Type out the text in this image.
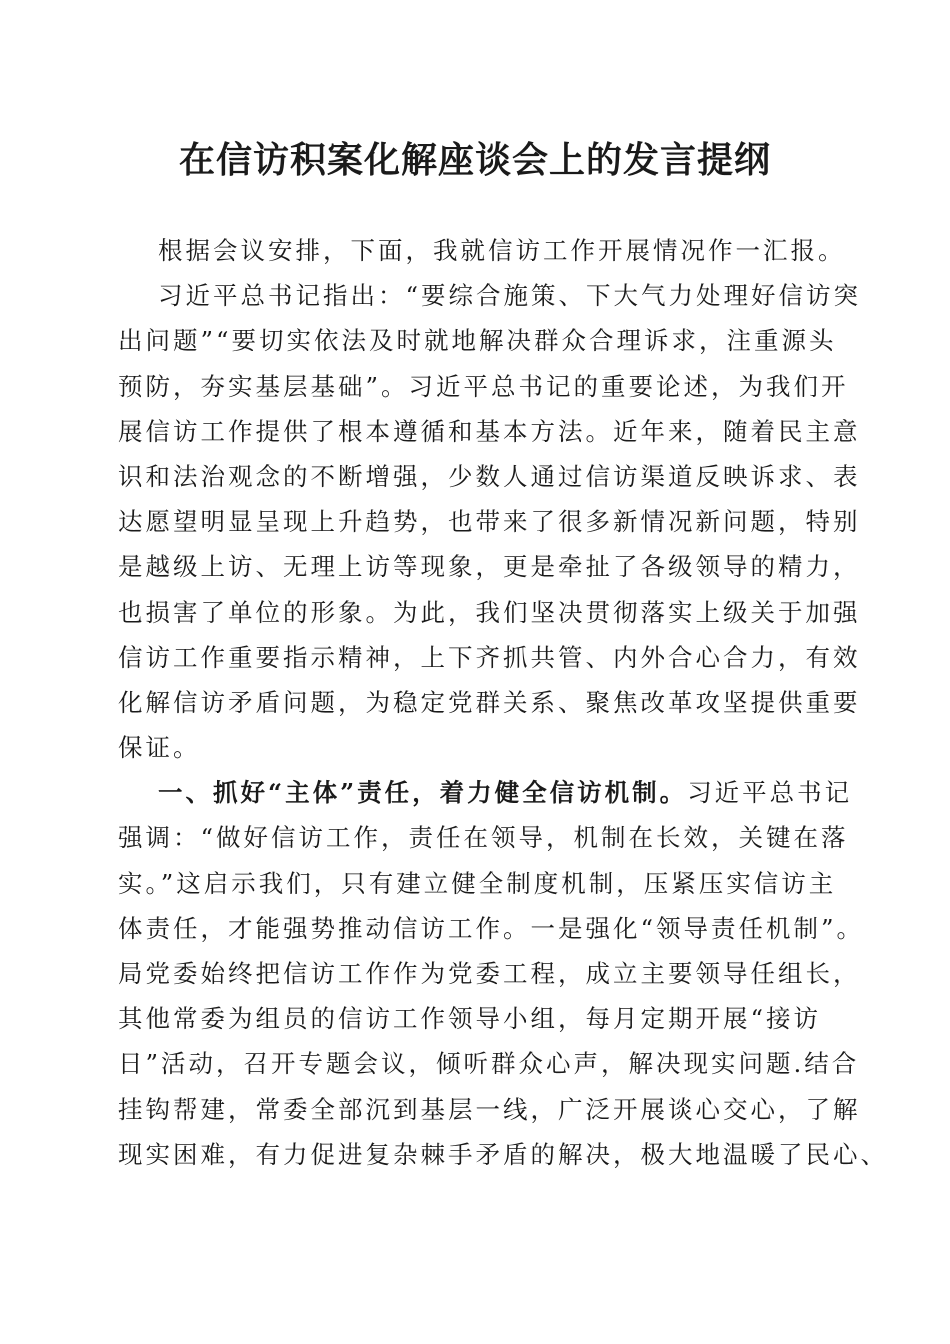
在信访积案化解座谈会上的发言提纲
根据会议安排，下面，我就信访工作开展情况作一汇报。
习近平总书记指出：“要综合施策、下大气力处理好信访突
出问题”“要切实依法及时就地解决群众合理诉求，注重源头
预防，夯实基层基础”。习近平总书记的重要论述，为我们开
展信访工作提供了根本遵循和基本方法。近年来，随着民主意
识和法治观念的不断增强，少数人通过信访渠道反映诉求、表
达愿望明显呈现上升趋势，也带来了很多新情况新问题，特别
是越级上访、无理上访等现象，更是牵扯了各级领导的精力，
也损害了单位的形象。为此，我们坚决贯彻落实上级关于加强
信访工作重要指示精神，上下齐抓共管、内外合心合力，有效
化解信访矛盾问题，为稳定党群关系、聚焦改革攻坚提供重要
保证。
一、抓好“主体”责任，着力健全信访机制。习近平总书记
强调：“做好信访工作，责任在领导，机制在长效，关键在落
实。”这启示我们，只有建立健全制度机制，压紧压实信访主
体责任，才能强势推动信访工作。一是强化“领导责任机制”。
局党委始终把信访工作作为党委工程，成立主要领导任组长，
其他常委为组员的信访工作领导小组，每月定期开展“接访
日”活动，召开专题会议，倾听群众心声，解决现实问题.结合
挂钩帮建，常委全部沉到基层一线，广泛开展谈心交心，了解
现实困难，有力促进复杂棘手矛盾的解决，极大地温暖了民心、
